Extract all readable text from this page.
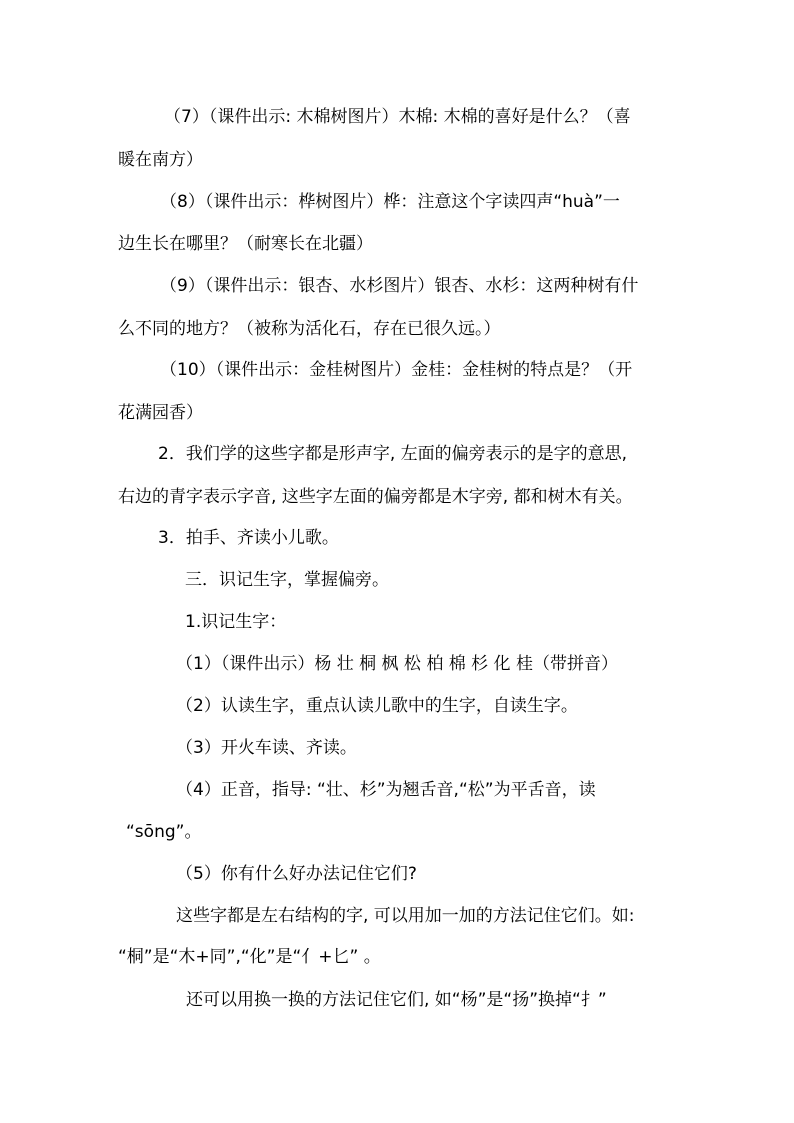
（7）（课件出示: 木棉树图片）木棉: 木棉的喜好是什么？（喜
暖在南方）
（8）（课件出示：桦树图片）桦：注意这个字读四声“huà”一
边生长在哪里？（耐寒长在北疆）
（9）（课件出示：银杏、水杉图片）银杏、水杉：这两种树有什
么不同的地方？（被称为活化石，存在已很久远。）
（10）（课件出示：金桂树图片）金桂：金桂树的特点是？（开
花满园香）
2．我们学的这些字都是形声字, 左面的偏旁表示的是字的意思,
右边的青字表示字音, 这些字左面的偏旁都是木字旁, 都和树木有关。
3．拍手、齐读小儿歌。
三．识记生字，掌握偏旁。
1.识记生字：
（1）（课件出示）杨 壮 桐 枫 松 柏 棉 杉 化 桂（带拼音）
（2）认读生字，重点认读儿歌中的生字，自读生字。
（3）开火车读、齐读。
（4）正音，指导: “壮、杉”为翘舌音,“松”为平舌音，读
“sōng”。
（5）你有什么好办法记住它们?
这些字都是左右结构的字, 可以用加一加的方法记住它们。如:
“桐”是“木+同”,“化”是“亻+匕” 。
还可以用换一换的方法记住它们, 如“杨”是“扬”换掉“扌”
